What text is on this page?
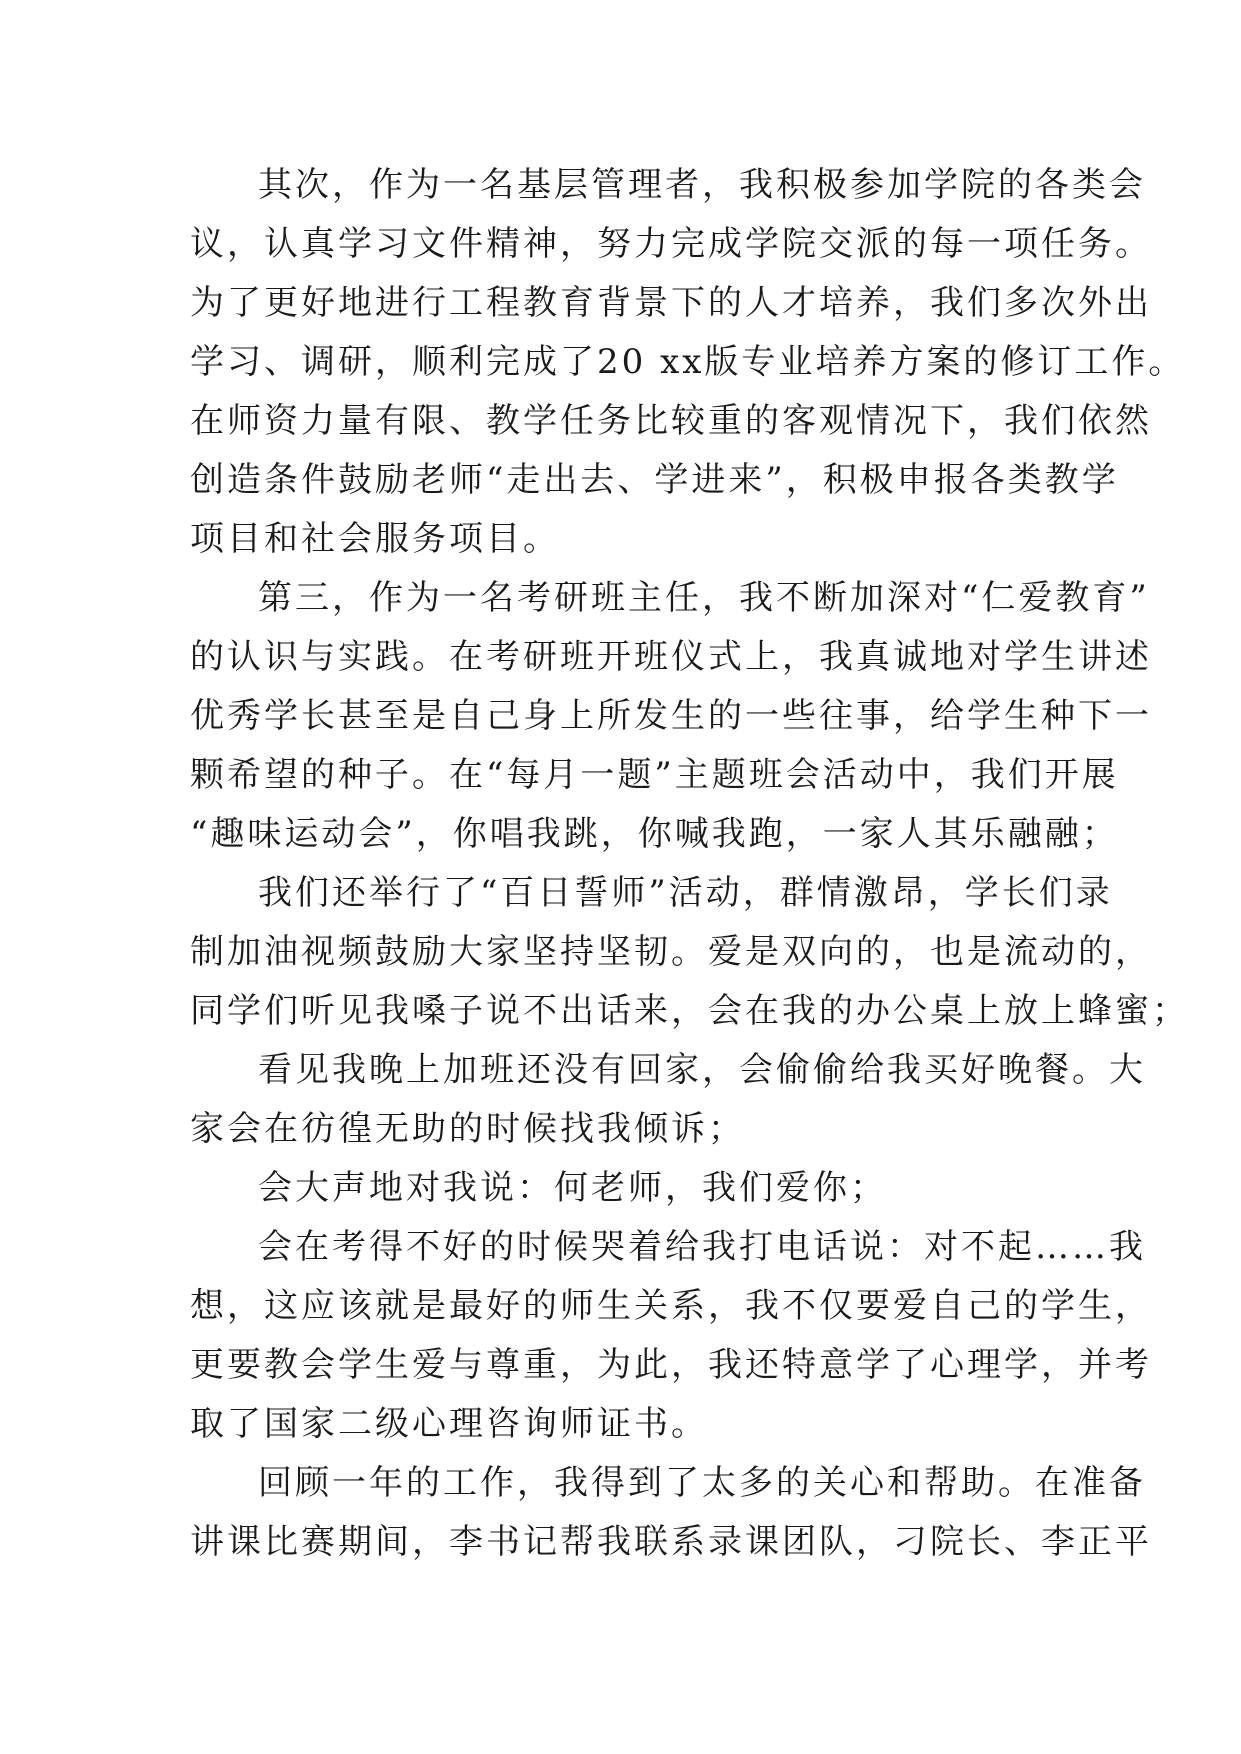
其次，作为一名基层管理者，我积极参加学院的各类会
议，认真学习文件精神，努力完成学院交派的每一项任务。
为了更好地进行工程教育背景下的人才培养，我们多次外出
学习、调研，顺利完成了20 xx版专业培养方案的修订工作。
在师资力量有限、教学任务比较重的客观情况下，我们依然
创造条件鼓励老师“走出去、学进来”，积极申报各类教学
项目和社会服务项目。
第三，作为一名考研班主任，我不断加深对“仁爱教育”
的认识与实践。在考研班开班仪式上，我真诚地对学生讲述
优秀学长甚至是自己身上所发生的一些往事，给学生种下一
颗希望的种子。在“每月一题”主题班会活动中，我们开展
“趣味运动会”，你唱我跳，你喊我跑，一家人其乐融融；
我们还举行了“百日誓师”活动，群情激昂，学长们录
制加油视频鼓励大家坚持坚韧。爱是双向的，也是流动的，
同学们听见我嗓子说不出话来，会在我的办公桌上放上蜂蜜；
看见我晚上加班还没有回家，会偷偷给我买好晚餐。大
家会在彷徨无助的时候找我倾诉；
会大声地对我说：何老师，我们爱你；
会在考得不好的时候哭着给我打电话说：对不起……我
想，这应该就是最好的师生关系，我不仅要爱自己的学生，
更要教会学生爱与尊重，为此，我还特意学了心理学，并考
取了国家二级心理咨询师证书。
回顾一年的工作，我得到了太多的关心和帮助。在准备
讲课比赛期间，李书记帮我联系录课团队，刁院长、李正平
